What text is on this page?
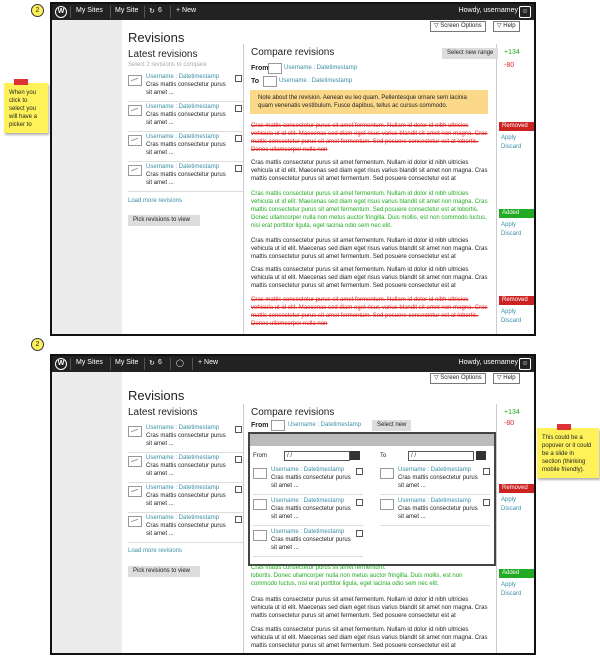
2	W	My Sites My Site ↻ 6 + New	Howdy, usernamey ☺
▽ Screen Options	▽ Help
Revisions
Latest revisions
Select 2 revisions to compare
Username : Datetimestamp
Cras mattis consectetur purus sit amet ...
Username : Datetimestamp
Cras mattis consectetur purus sit amet ...
Username : Datetimestamp
Cras mattis consectetur purus sit amet ...
Username : Datetimestamp
Cras mattis consectetur purus sit amet ...
Load more revisions
Pick revisions to view
Compare revisions	Select new range	+134
-80
From	Username : Datetimestamp
To	Username : Datetimestamp
Note about the revision. Aenean eu leo quam. Pellentesque ornare sem lacinia quam venenatis vestibulum. Fusce dapibus, tellus ac cursus commodo.
Cras mattis consectetur purus sit amet fermentum. Nullam id dolor id nibh ultricies vehicula ut id elit. Maecenas sed diam eget risus varius blandit sit amet non magna. Cras mattis consectetur purus sit amet fermentum. Sed posuere consectetur est at lobortis. Donec ullamcorper nulla non
Removed
Apply
Discard
Cras mattis consectetur purus sit amet fermentum. Nullam id dolor id nibh ultricies vehicula ut id elit. Maecenas sed diam eget risus varius blandit sit amet non magna. Cras mattis consectetur purus sit amet fermentum. Sed posuere consectetur est at
Cras mattis consectetur purus sit amet fermentum. Nullam id dolor id nibh ultricies vehicula ut id elit. Maecenas sed diam eget risus varius blandit sit amet non magna. Cras mattis consectetur purus sit amet fermentum. Sed posuere consectetur est at lobortis. Donec ullamcorper nulla non metus auctor fringilla. Duis mollis, est non commodo luctus, nisi erat porttitor ligula, eget lacinia odio sem nec elit.
Added
Apply
Discard
Cras mattis consectetur purus sit amet fermentum. Nullam id dolor id nibh ultricies vehicula ut id elit. Maecenas sed diam eget risus varius blandit sit amet non magna. Cras mattis consectetur purus sit amet fermentum. Sed posuere consectetur est at
Cras mattis consectetur purus sit amet fermentum. Nullam id dolor id nibh ultricies vehicula ut id elit. Maecenas sed diam eget risus varius blandit sit amet non magna. Cras mattis consectetur purus sit amet fermentum. Sed posuere consectetur est at
Cras mattis consectetur purus sit amet fermentum. Nullam id dolor id nibh ultricies vehicula ut id elit. Maecenas sed diam eget risus varius blandit sit amet non magna. Cras mattis consectetur purus sit amet fermentum. Sed posuere consectetur est at lobortis. Donec ullamcorper nulla non
Removed
Apply
Discard
When you click to select you will have a picker to
2
W	My Sites My Site ↻ 6 ◯ + New	Howdy, usernamey ☺
▽ Screen Options	▽ Help
Revisions
Latest revisions
Username : Datetimestamp
Cras mattis consectetur purus sit amet ...
Username : Datetimestamp
Cras mattis consectetur purus sit amet ...
Username : Datetimestamp
Cras mattis consectetur purus sit amet ...
Username : Datetimestamp
Cras mattis consectetur purus sit amet ...
Load more revisions
Pick revisions to view
Compare revisions	+134
-80
From	Username : Datetimestamp	Select new
From	/ /	To	/ /
Username : Datetimestamp
Cras mattis consectetur purus sit amet ...
Username : Datetimestamp
Cras mattis consectetur purus sit amet ...
Username : Datetimestamp
Cras mattis consectetur purus sit amet ...
Username : Datetimestamp
Cras mattis consectetur purus sit amet ...
Username : Datetimestamp
Cras mattis consectetur purus sit amet ...
Removed
Apply
Discard
Cras mattis consectetur purus sit amet fermentum.
lobortis. Donec ullamcorper nulla non metus auctor fringilla. Duis mollis, est non commodo luctus, nisi erat porttitor ligula, eget lacinia odio sem nec elit.
Added
Apply
Discard
Cras mattis consectetur purus sit amet fermentum. Nullam id dolor id nibh ultricies vehicula ut id elit. Maecenas sed diam eget risus varius blandit sit amet non magna. Cras mattis consectetur purus sit amet fermentum. Sed posuere consectetur est at
Cras mattis consectetur purus sit amet fermentum. Nullam id dolor id nibh ultricies vehicula ut id elit. Maecenas sed diam eget risus varius blandit sit amet non magna. Cras mattis consectetur purus sit amet fermentum. Sed posuere consectetur est at
This could be a popover or it could be a slide in section (thinking mobile friendly).
